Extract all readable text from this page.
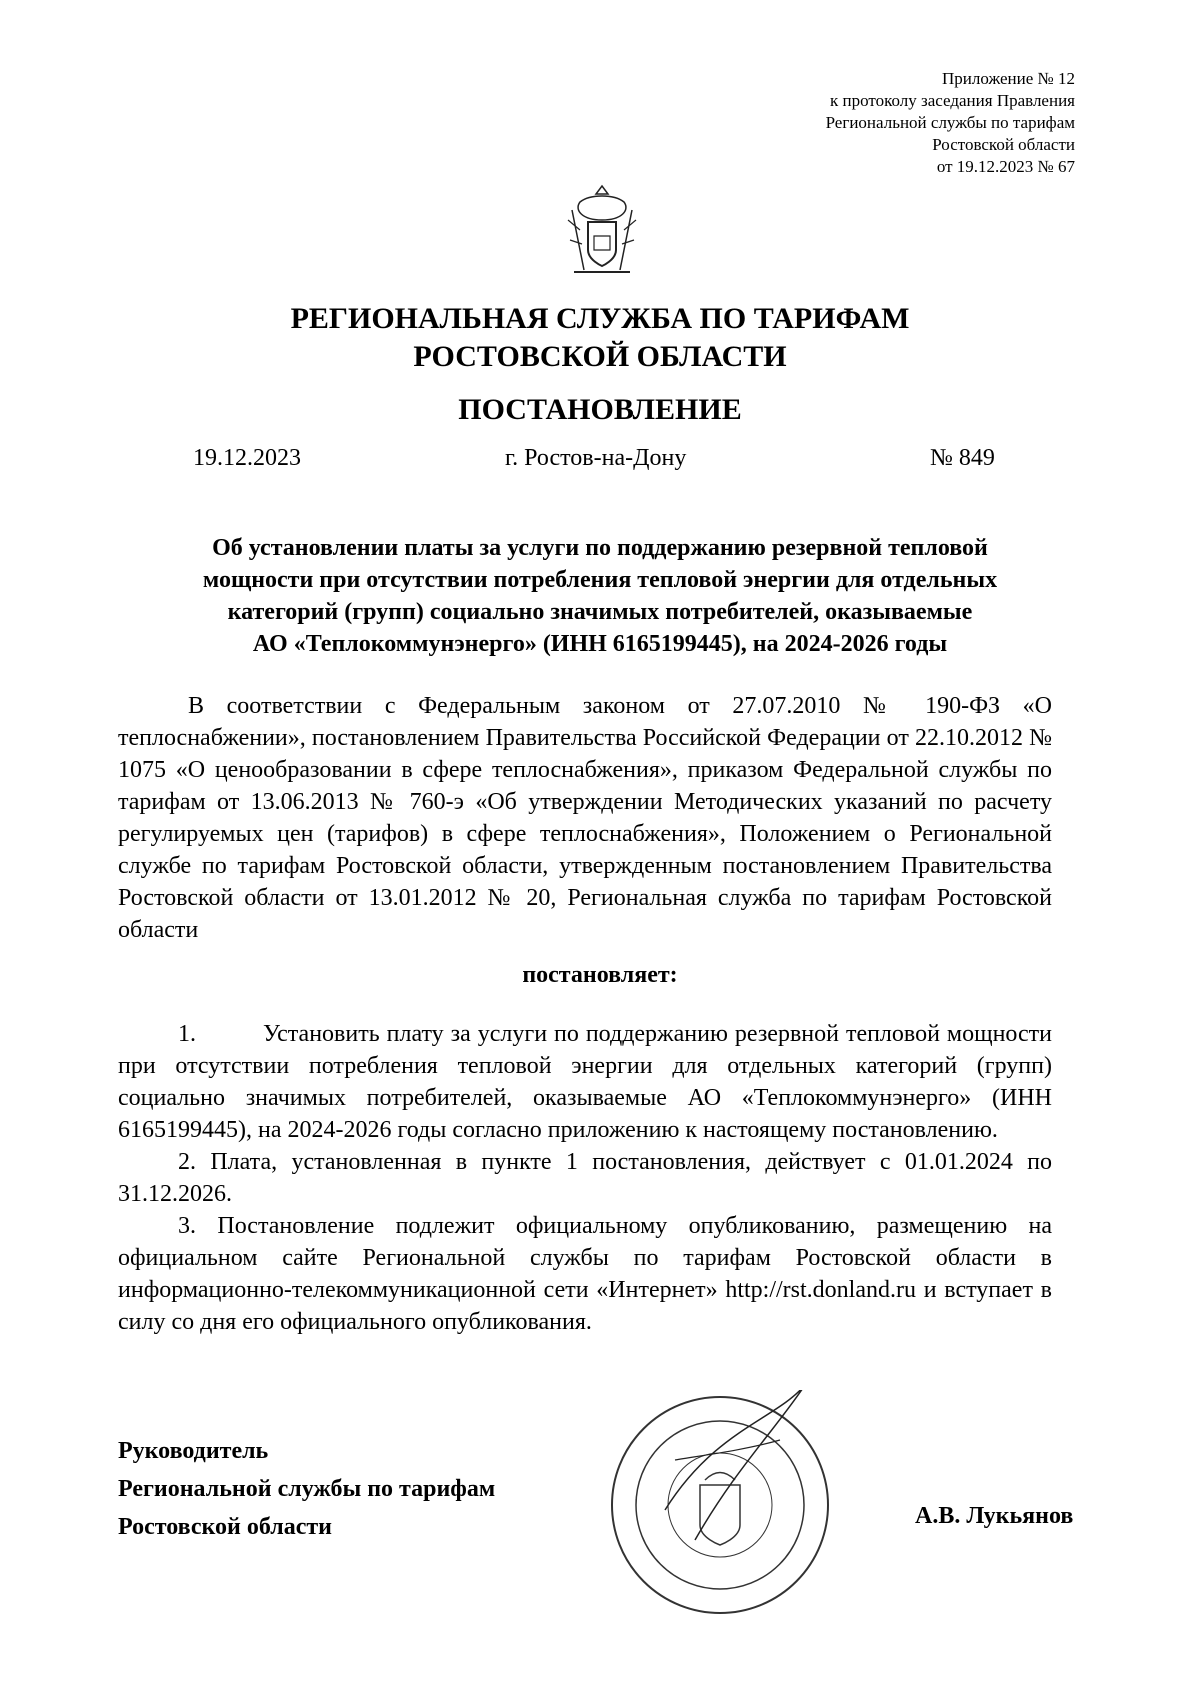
Приложение № 12
к протоколу заседания Правления
Региональной службы по тарифам
Ростовской области
от 19.12.2023 № 67
РЕГИОНАЛЬНАЯ СЛУЖБА ПО ТАРИФАМ
РОСТОВСКОЙ ОБЛАСТИ
ПОСТАНОВЛЕНИЕ
19.12.2023	г. Ростов-на-Дону	№ 849
Об установлении платы за услуги по поддержанию резервной тепловой
мощности при отсутствии потребления тепловой энергии для отдельных
категорий (групп) социально значимых потребителей, оказываемые
АО «Теплокоммунэнерго» (ИНН 6165199445), на 2024-2026 годы
В соответствии с Федеральным законом от 27.07.2010 № 190-ФЗ «О теплоснабжении», постановлением Правительства Российской Федерации от 22.10.2012 № 1075 «О ценообразовании в сфере теплоснабжения», приказом Федеральной службы по тарифам от 13.06.2013 № 760-э «Об утверждении Методических указаний по расчету регулируемых цен (тарифов) в сфере теплоснабжения», Положением о Региональной службе по тарифам Ростовской области, утвержденным постановлением Правительства Ростовской области от 13.01.2012 № 20, Региональная служба по тарифам Ростовской области
постановляет:

1.	Установить плату за услуги по поддержанию резервной тепловой мощности при отсутствии потребления тепловой энергии для отдельных категорий (групп) социально значимых потребителей, оказываемые АО «Теплокоммунэнерго» (ИНН 6165199445), на 2024-2026 годы согласно приложению к настоящему постановлению.

2. Плата, установленная в пункте 1 постановления, действует с 01.01.2024 по 31.12.2026.

3. Постановление подлежит официальному опубликованию, размещению на официальном сайте Региональной службы по тарифам Ростовской области в информационно-телекоммуникационной сети «Интернет» http://rst.donland.ru и вступает в силу со дня его официального опубликования.

Руководитель
Региональной службы по тарифам
Ростовской области	А.В. Лукьянов
